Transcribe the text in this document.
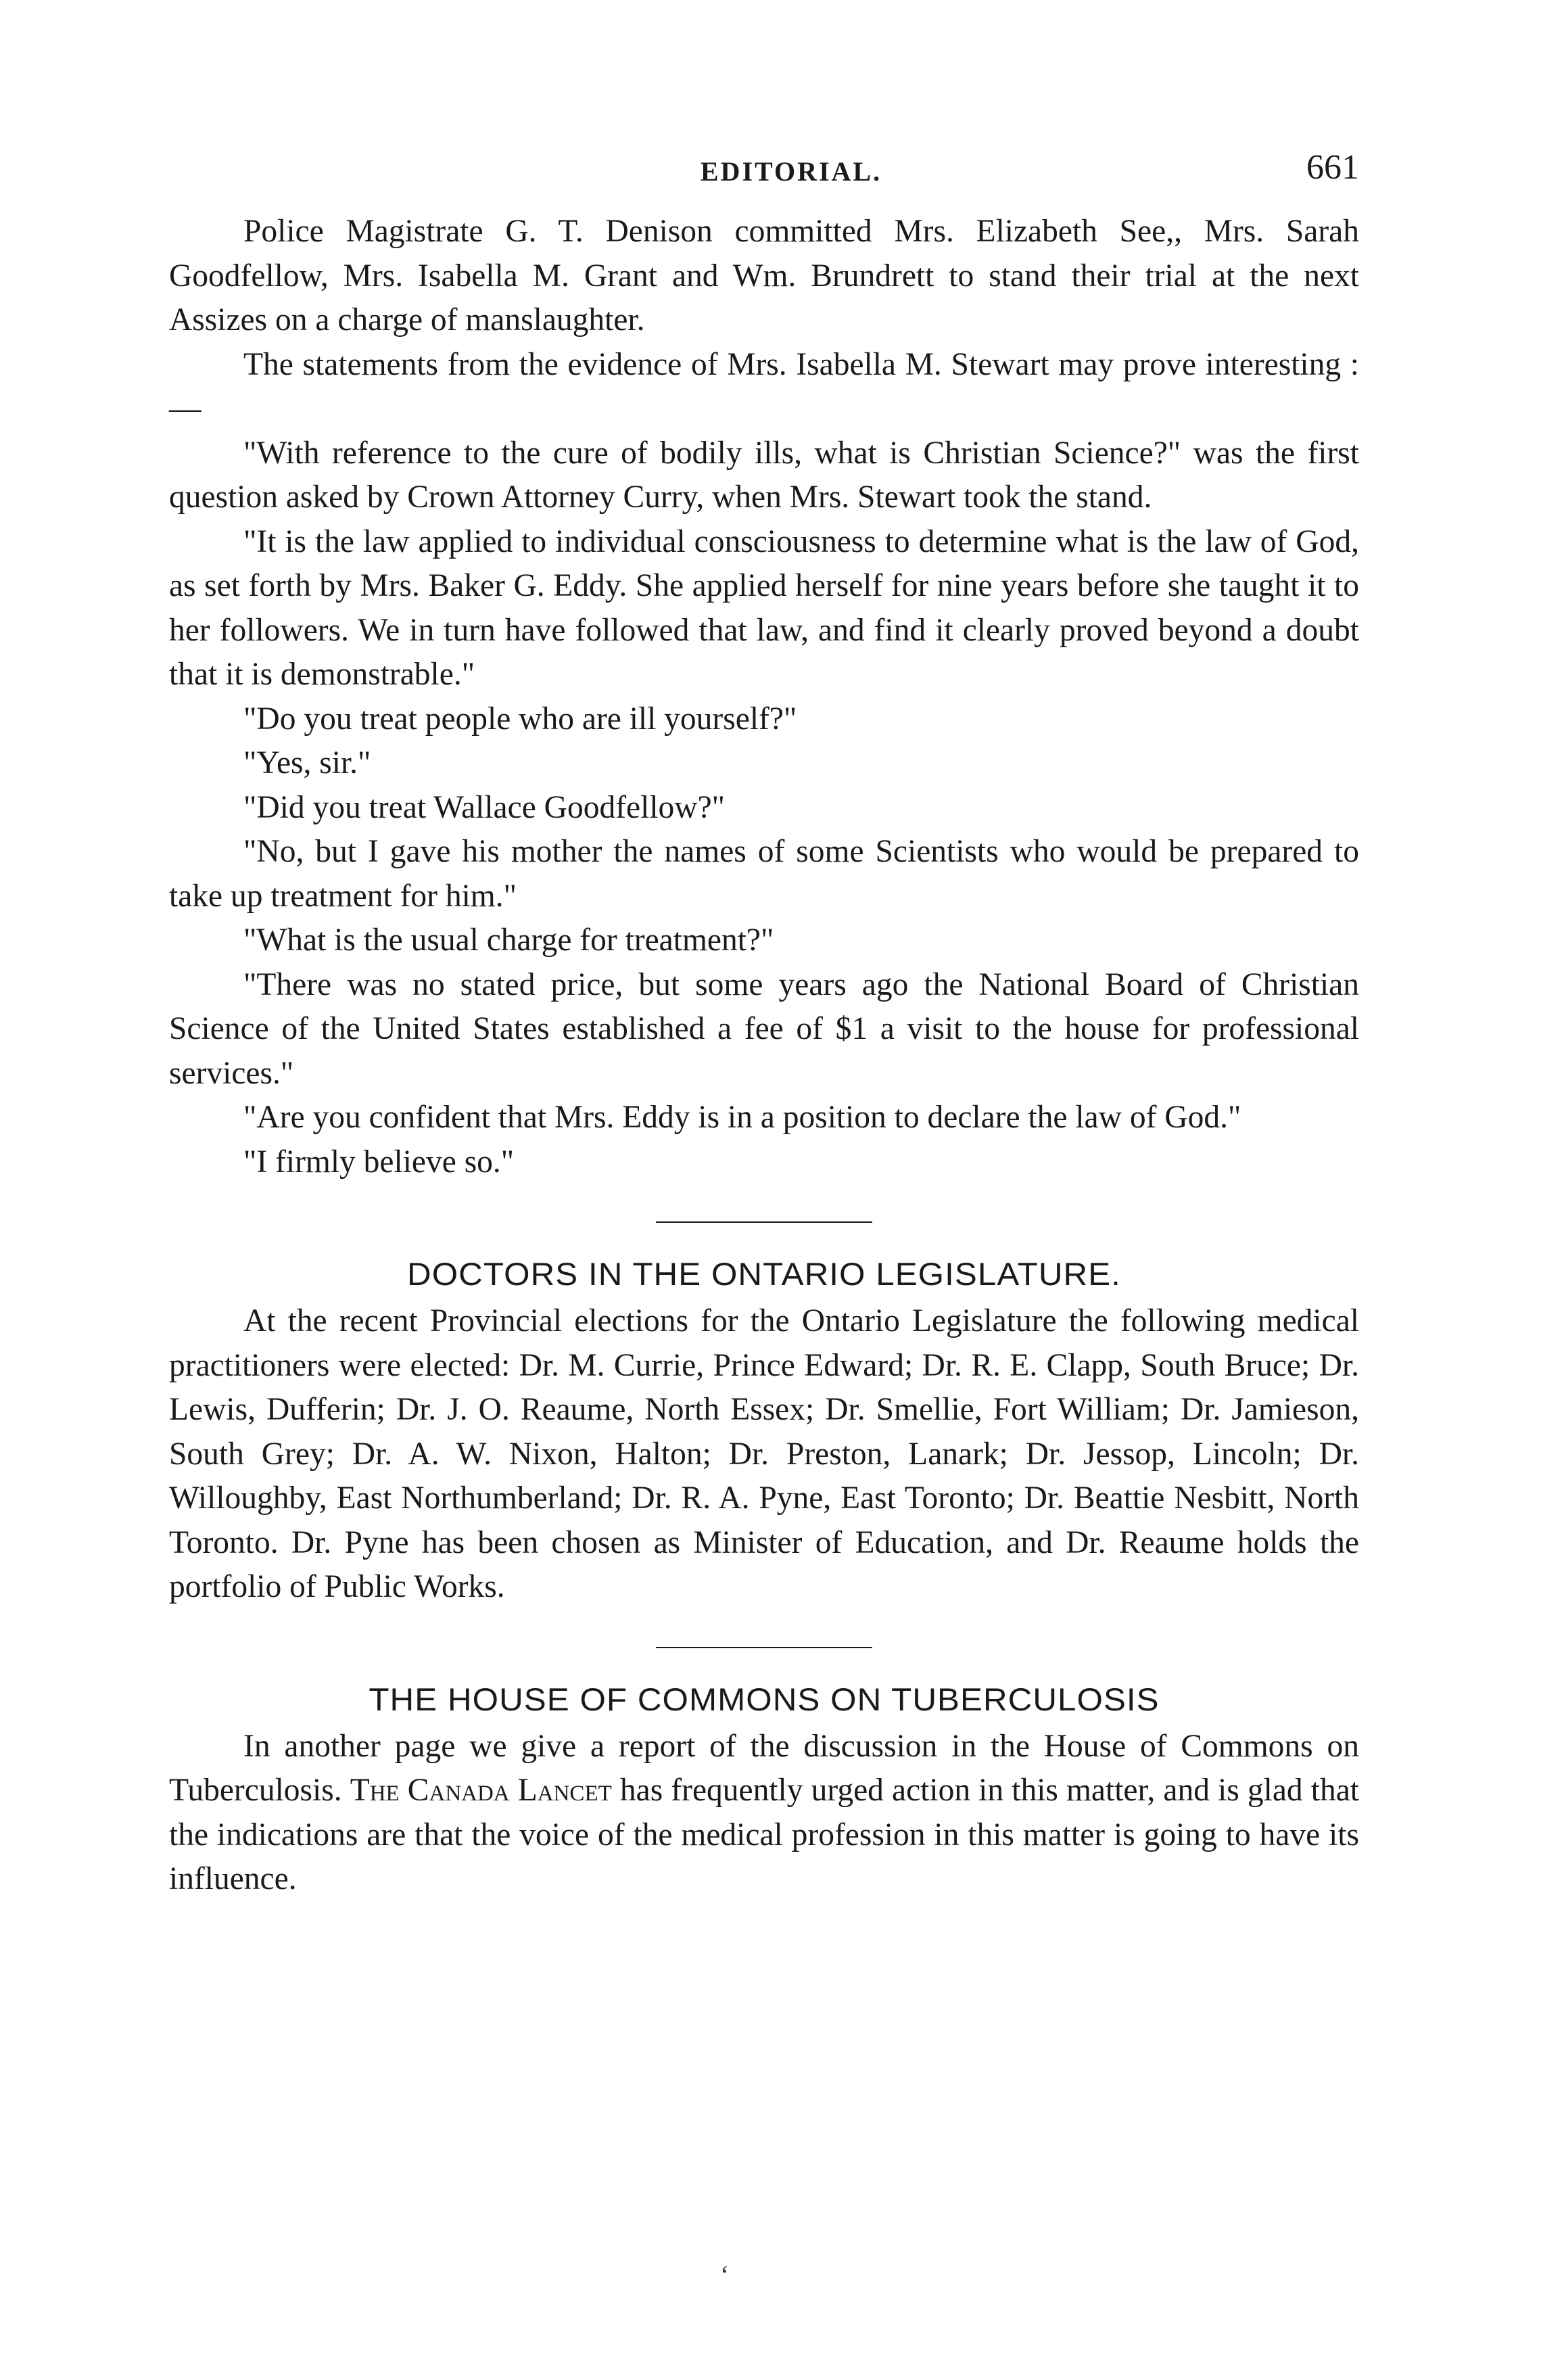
EDITORIAL.	661

Police Magistrate G. T. Denison committed Mrs. Elizabeth See,, Mrs. Sarah Goodfellow, Mrs. Isabella M. Grant and Wm. Brundrett to stand their trial at the next Assizes on a charge of manslaughter.

The statements from the evidence of Mrs. Isabella M. Stewart may prove interesting :—

"With reference to the cure of bodily ills, what is Christian Science?" was the first question asked by Crown Attorney Curry, when Mrs. Stewart took the stand.

"It is the law applied to individual consciousness to determine what is the law of God, as set forth by Mrs. Baker G. Eddy. She applied herself for nine years before she taught it to her followers. We in turn have followed that law, and find it clearly proved beyond a doubt that it is demonstrable."

"Do you treat people who are ill yourself?"

"Yes, sir."

"Did you treat Wallace Goodfellow?"

"No, but I gave his mother the names of some Scientists who would be prepared to take up treatment for him."

"What is the usual charge for treatment?"

"There was no stated price, but some years ago the National Board of Christian Science of the United States established a fee of $1 a visit to the house for professional services."

"Are you confident that Mrs. Eddy is in a position to declare the law of God."

"I firmly believe so."

DOCTORS IN THE ONTARIO LEGISLATURE.

At the recent Provincial elections for the Ontario Legislature the following medical practitioners were elected: Dr. M. Currie, Prince Edward; Dr. R. E. Clapp, South Bruce; Dr. Lewis, Dufferin; Dr. J. O. Reaume, North Essex; Dr. Smellie, Fort William; Dr. Jamieson, South Grey; Dr. A. W. Nixon, Halton; Dr. Preston, Lanark; Dr. Jessop, Lincoln; Dr. Willoughby, East Northumberland; Dr. R. A. Pyne, East Toronto; Dr. Beattie Nesbitt, North Toronto. Dr. Pyne has been chosen as Minister of Education, and Dr. Reaume holds the portfolio of Public Works.

THE HOUSE OF COMMONS ON TUBERCULOSIS

In another page we give a report of the discussion in the House of Commons on Tuberculosis. The Canada Lancet has frequently urged action in this matter, and is glad that the indications are that the voice of the medical profession in this matter is going to have its influence.

‘
